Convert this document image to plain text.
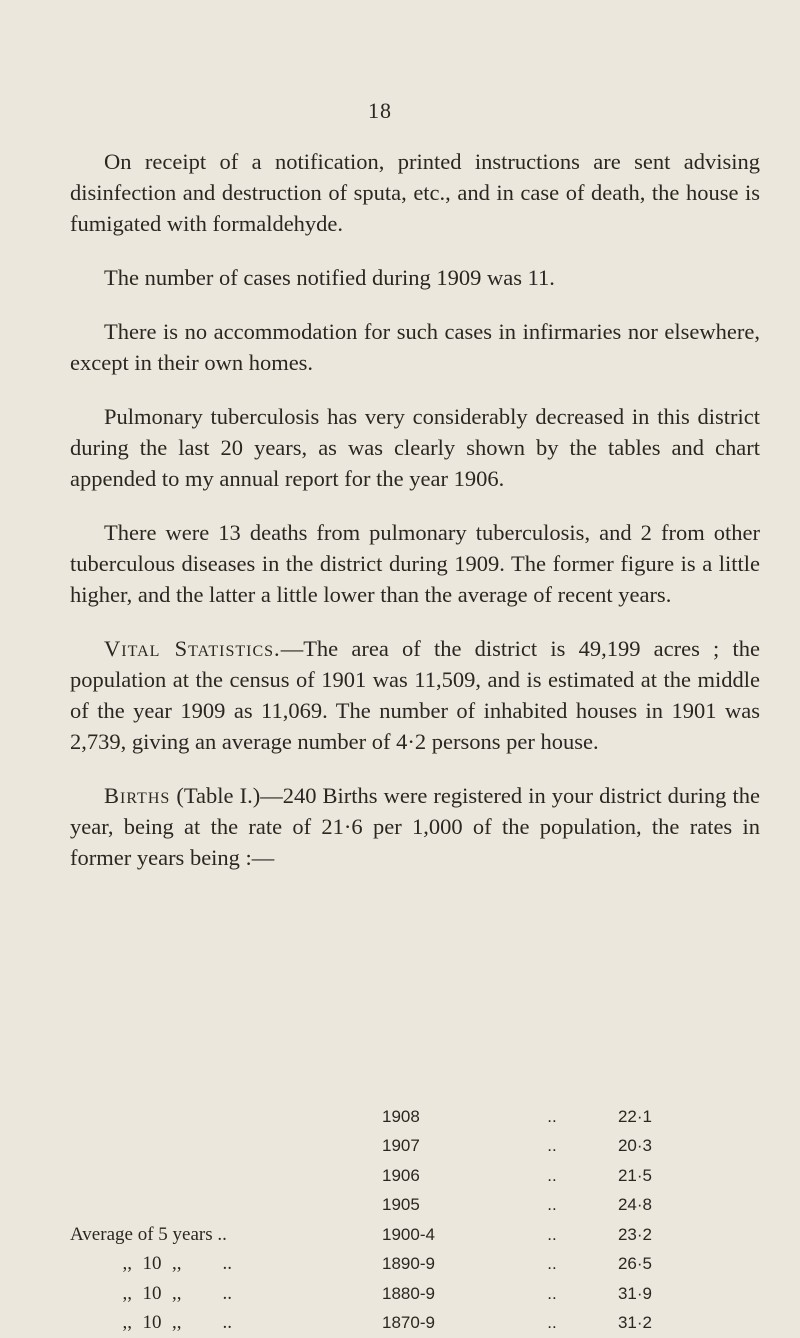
18

On receipt of a notification, printed instructions are sent advising disinfection and destruction of sputa, etc., and in case of death, the house is fumigated with formaldehyde.

The number of cases notified during 1909 was 11.

There is no accommodation for such cases in infirmaries nor elsewhere, except in their own homes.

Pulmonary tuberculosis has very considerably decreased in this district during the last 20 years, as was clearly shown by the tables and chart appended to my annual report for the year 1906.

There were 13 deaths from pulmonary tuberculosis, and 2 from other tuberculous diseases in the district during 1909. The former figure is a little higher, and the latter a little lower than the average of recent years.

Vital Statistics.—The area of the district is 49,199 acres ; the population at the census of 1901 was 11,509, and is estimated at the middle of the year 1909 as 11,069. The number of inhabited houses in 1901 was 2,739, giving an average number of 4·2 persons per house.

Births (Table I.)—240 Births were registered in your district during the year, being at the rate of 21·6 per 1,000 of the population, the rates in former years being :—

	1908	..	22·1
	1907	..	20·3
	1906	..	21·5
	1905	..	24·8
Average of 5 years ..	1900-4	..	23·2
,, 10 ,, ..	1890-9	..	26·5
,, 10 ,, ..	1880-9	..	31·9
,, 10 ,, ..	1870-9	..	31·2
